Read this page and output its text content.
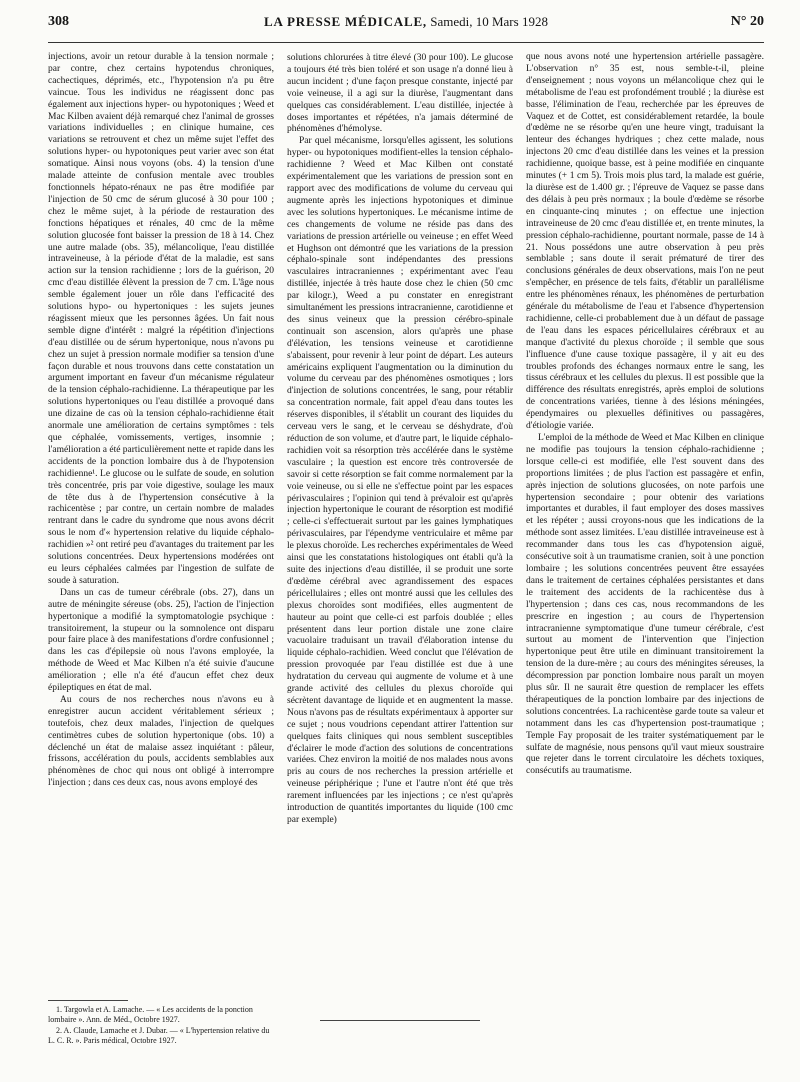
308	LA PRESSE MÉDICALE, Samedi, 10 Mars 1928	N° 20

injections, avoir un retour durable à la tension normale ; par contre, chez certains hypotendus chroniques, cachectiques, déprimés, etc., l'hypotension n'a pu être vaincue. Tous les individus ne réagissent donc pas également aux injections hyper- ou hypotoniques ; Weed et Mac Kilben avaient déjà remarqué chez l'animal de grosses variations individuelles ; en clinique humaine, ces variations se retrouvent et chez un même sujet l'effet des solutions hyper- ou hypotoniques peut varier avec son état somatique. Ainsi nous voyons (obs. 4) la tension d'une malade atteinte de confusion mentale avec troubles fonctionnels hépato-rénaux ne pas être modifiée par l'injection de 50 cmc de sérum glucosé à 30 pour 100 ; chez le même sujet, à la période de restauration des fonctions hépatiques et rénales, 40 cmc de la même solution glucosée font baisser la pression de 18 à 14. Chez une autre malade (obs. 35), mélancolique, l'eau distillée intraveineuse, à la période d'état de la maladie, est sans action sur la tension rachidienne ; lors de la guérison, 20 cmc d'eau distillée élèvent la pression de 7 cm. L'âge nous semble également jouer un rôle dans l'efficacité des solutions hypo- ou hypertoniques : les sujets jeunes réagissent mieux que les personnes âgées. Un fait nous semble digne d'intérêt : malgré la répétition d'injections d'eau distillée ou de sérum hypertonique, nous n'avons pu chez un sujet à pression normale modifier sa tension d'une façon durable et nous trouvons dans cette constatation un argument important en faveur d'un mécanisme régulateur de la tension céphalo-rachidienne. La thérapeutique par les solutions hypertoniques ou l'eau distillée a provoqué dans une dizaine de cas où la tension céphalo-rachidienne était anormale une amélioration de certains symptômes : tels que céphalée, vomissements, vertiges, insomnie ; l'amélioration a été particulièrement nette et rapide dans les accidents de la ponction lombaire dus à de l'hypotension rachidienne¹. Le glucose ou le sulfate de soude, en solution très concentrée, pris par voie digestive, soulage les maux de tête dus à de l'hypertension consécutive à la rachicentèse ; par contre, un certain nombre de malades rentrant dans le cadre du syndrome que nous avons décrit sous le nom d'« hypertension relative du liquide céphalo-rachidien »² ont retiré peu d'avantages du traitement par les solutions concentrées. Deux hypertensions modérées ont eu leurs céphalées calmées par l'ingestion de sulfate de soude à saturation.

Dans un cas de tumeur cérébrale (obs. 27), dans un autre de méningite séreuse (obs. 25), l'action de l'injection hypertonique a modifié la symptomatologie psychique : transitoirement, la stupeur ou la somnolence ont disparu pour faire place à des manifestations d'ordre confusionnel ; dans les cas d'épilepsie où nous l'avons employée, la méthode de Weed et Mac Kilben n'a été suivie d'aucune amélioration ; elle n'a été d'aucun effet chez deux épileptiques en état de mal.

Au cours de nos recherches nous n'avons eu à enregistrer aucun accident véritablement sérieux ; toutefois, chez deux malades, l'injection de quelques centimètres cubes de solution hypertonique (obs. 10) a déclenché un état de malaise assez inquiétant : pâleur, frissons, accélération du pouls, accidents semblables aux phénomènes de choc qui nous ont obligé à interrompre l'injection ; dans ces deux cas, nous avons employé des

solutions chlorurées à titre élevé (30 pour 100). Le glucose a toujours été très bien toléré et son usage n'a donné lieu à aucun incident ; d'une façon presque constante, injecté par voie veineuse, il a agi sur la diurèse, l'augmentant dans quelques cas considérablement. L'eau distillée, injectée à doses importantes et répétées, n'a jamais déterminé de phénomènes d'hémolyse.

Par quel mécanisme, lorsqu'elles agissent, les solutions hyper- ou hypotoniques modifient-elles la tension céphalo-rachidienne ? Weed et Mac Kilben ont constaté expérimentalement que les variations de pression sont en rapport avec des modifications de volume du cerveau qui augmente après les injections hypotoniques et diminue avec les solutions hypertoniques. Le mécanisme intime de ces changements de volume ne réside pas dans des variations de pression artérielle ou veineuse ; en effet Weed et Hughson ont démontré que les variations de la pression céphalo-spinale sont indépendantes des pressions vasculaires intracraniennes ; expérimentant avec l'eau distillée, injectée à très haute dose chez le chien (50 cmc par kilogr.), Weed a pu constater en enregistrant simultanément les pressions intracranienne, carotidienne et des sinus veineux que la pression cérébro-spinale continuait son ascension, alors qu'après une phase d'élévation, les tensions veineuse et carotidienne s'abaissent, pour revenir à leur point de départ. Les auteurs américains expliquent l'augmentation ou la diminution du volume du cerveau par des phénomènes osmotiques ; lors d'injection de solutions concentrées, le sang, pour rétablir sa concentration normale, fait appel d'eau dans toutes les réserves disponibles, il s'établit un courant des liquides du cerveau vers le sang, et le cerveau se déshydrate, d'où réduction de son volume, et d'autre part, le liquide céphalo-rachidien voit sa résorption très accélérée dans le système vasculaire ; la question est encore très controversée de savoir si cette résorption se fait comme normalement par la voie veineuse, ou si elle ne s'effectue point par les espaces périvasculaires ; l'opinion qui tend à prévaloir est qu'après injection hypertonique le courant de résorption est modifié ; celle-ci s'effectuerait surtout par les gaines lymphatiques périvasculaires, par l'épendyme ventriculaire et même par le plexus choroïde. Les recherches expérimentales de Weed ainsi que les constatations histologiques ont établi qu'à la suite des injections d'eau distillée, il se produit une sorte d'œdème cérébral avec agrandissement des espaces péricellulaires ; elles ont montré aussi que les cellules des plexus choroïdes sont modifiées, elles augmentent de hauteur au point que celle-ci est parfois doublée ; elles présentent dans leur portion distale une zone claire vacuolaire traduisant un travail d'élaboration intense du liquide céphalo-rachidien. Weed conclut que l'élévation de pression provoquée par l'eau distillée est due à une hydratation du cerveau qui augmente de volume et à une grande activité des cellules du plexus choroïde qui sécrètent davantage de liquide et en augmentent la masse. Nous n'avons pas de résultats expérimentaux à apporter sur ce sujet ; nous voudrions cependant attirer l'attention sur quelques faits cliniques qui nous semblent susceptibles d'éclairer le mode d'action des solutions de concentrations variées. Chez environ la moitié de nos malades nous avons pris au cours de nos recherches la pression artérielle et veineuse périphérique ; l'une et l'autre n'ont été que très rarement influencées par les injections ; ce n'est qu'après introduction de quantités importantes du liquide (100 cmc par exemple)

que nous avons noté une hypertension artérielle passagère. L'observation n° 35 est, nous semble-t-il, pleine d'enseignement ; nous voyons un mélancolique chez qui le métabolisme de l'eau est profondément troublé ; la diurèse est basse, l'élimination de l'eau, recherchée par les épreuves de Vaquez et de Cottet, est considérablement retardée, la boule d'œdème ne se résorbe qu'en une heure vingt, traduisant la lenteur des échanges hydriques ; chez cette malade, nous injectons 20 cmc d'eau distillée dans les veines et la pression rachidienne, quoique basse, est à peine modifiée en cinquante minutes (+ 1 cm 5). Trois mois plus tard, la malade est guérie, la diurèse est de 1.400 gr. ; l'épreuve de Vaquez se passe dans des délais à peu près normaux ; la boule d'œdème se résorbe en cinquante-cinq minutes ; on effectue une injection intraveineuse de 20 cmc d'eau distillée et, en trente minutes, la pression céphalo-rachidienne, pourtant normale, passe de 14 à 21. Nous possédons une autre observation à peu près semblable ; sans doute il serait prématuré de tirer des conclusions générales de deux observations, mais l'on ne peut s'empêcher, en présence de tels faits, d'établir un parallélisme entre les phénomènes rénaux, les phénomènes de perturbation générale du métabolisme de l'eau et l'absence d'hypertension rachidienne, celle-ci probablement due à un défaut de passage de l'eau dans les espaces péricellulaires cérébraux et au manque d'activité du plexus choroïde ; il semble que sous l'influence d'une cause toxique passagère, il y ait eu des troubles profonds des échanges normaux entre le sang, les tissus cérébraux et les cellules du plexus. Il est possible que la différence des résultats enregistrés, après emploi de solutions de concentrations variées, tienne à des lésions méningées, épendymaires ou plexuelles définitives ou passagères, d'étiologie variée.

L'emploi de la méthode de Weed et Mac Kilben en clinique ne modifie pas toujours la tension céphalo-rachidienne ; lorsque celle-ci est modifiée, elle l'est souvent dans des proportions limitées ; de plus l'action est passagère et enfin, après injection de solutions glucosées, on note parfois une hypertension secondaire ; pour obtenir des variations importantes et durables, il faut employer des doses massives et les répéter ; aussi croyons-nous que les indications de la méthode sont assez limitées. L'eau distillée intraveineuse est à recommander dans tous les cas d'hypotension aiguë, consécutive soit à un traumatisme cranien, soit à une ponction lombaire ; les solutions concentrées peuvent être essayées dans le traitement de certaines céphalées persistantes et dans le traitement des accidents de la rachicentèse dus à l'hypertension ; dans ces cas, nous recommandons de les prescrire en ingestion ; au cours de l'hypertension intracranienne symptomatique d'une tumeur cérébrale, c'est surtout au moment de l'intervention que l'injection hypertonique peut être utile en diminuant transitoirement la tension de la dure-mère ; au cours des méningites séreuses, la décompression par ponction lombaire nous paraît un moyen plus sûr. Il ne saurait être question de remplacer les effets thérapeutiques de la ponction lombaire par des injections de solutions concentrées. La rachicentèse garde toute sa valeur et notamment dans les cas d'hypertension post-traumatique ; Temple Fay proposait de les traiter systématiquement par le sulfate de magnésie, nous pensons qu'il vaut mieux soustraire que rejeter dans le torrent circulatoire les déchets toxiques, consécutifs au traumatisme.

1. Targowla et A. Lamache. — « Les accidents de la ponction lombaire ». Ann. de Méd., Octobre 1927.

2. A. Claude, Lamache et J. Dubar. — « L'hypertension relative du L. C. R. ». Paris médical, Octobre 1927.
